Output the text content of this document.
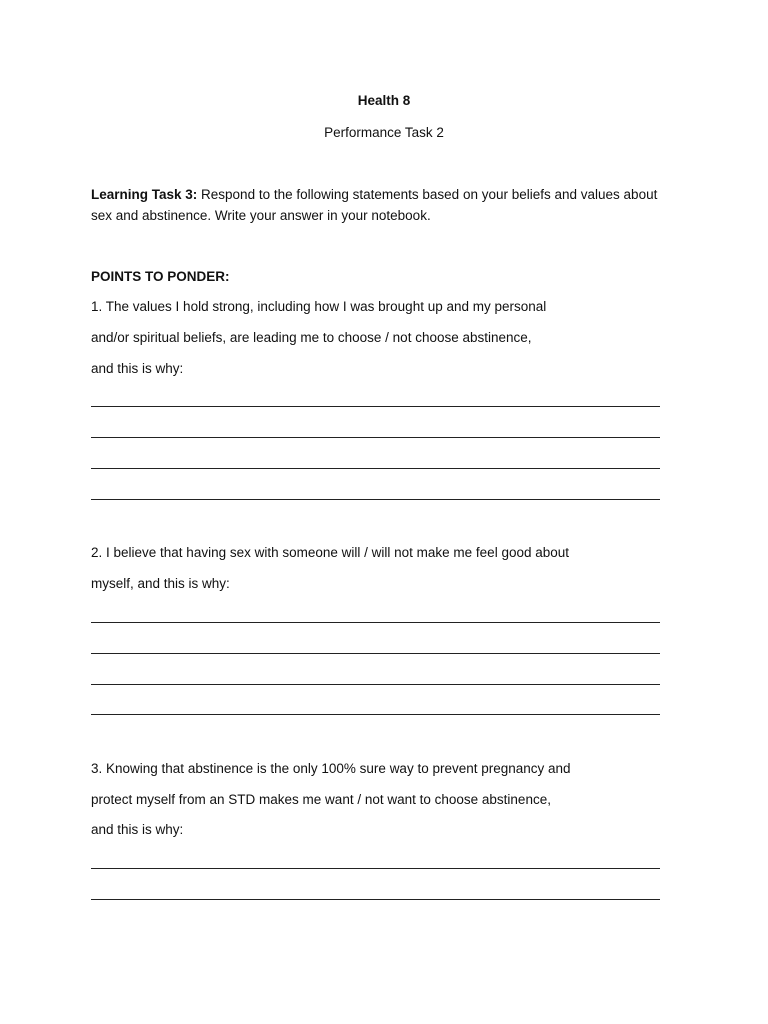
Health 8
Performance Task 2
Learning Task 3: Respond to the following statements based on your beliefs and values about sex and abstinence. Write your answer in your notebook.
POINTS TO PONDER:
1. The values I hold strong, including how I was brought up and my personal
and/or spiritual beliefs, are leading me to choose / not choose abstinence,
and this is why:
2. I believe that having sex with someone will / will not make me feel good about
myself, and this is why:
3. Knowing that abstinence is the only 100% sure way to prevent pregnancy and
protect myself from an STD makes me want / not want to choose abstinence,
and this is why:
